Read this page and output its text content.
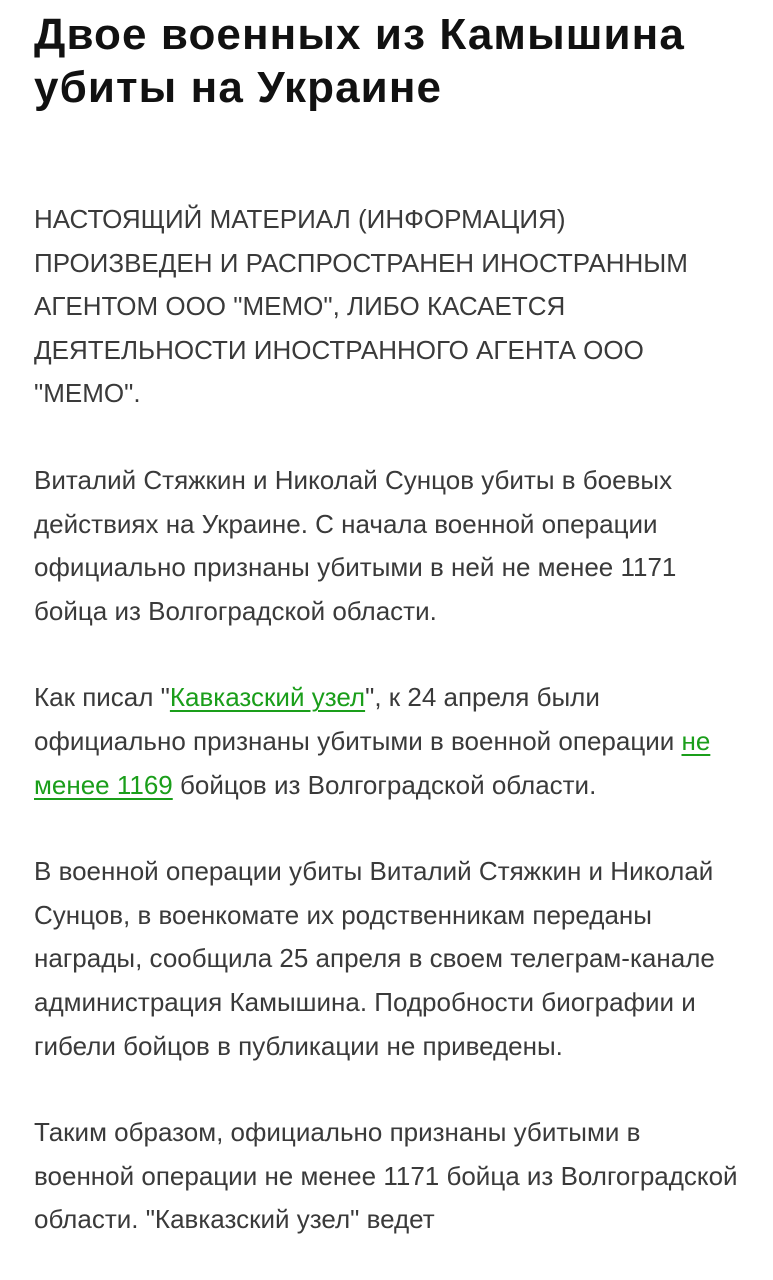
Двое военных из Камышина убиты на Украине

НАСТОЯЩИЙ МАТЕРИАЛ (ИНФОРМАЦИЯ) ПРОИЗВЕДЕН И РАСПРОСТРАНЕН ИНОСТРАННЫМ АГЕНТОМ ООО "МЕМО", ЛИБО КАСАЕТСЯ ДЕЯТЕЛЬНОСТИ ИНОСТРАННОГО АГЕНТА ООО "МЕМО".

Виталий Стяжкин и Николай Сунцов убиты в боевых действиях на Украине. С начала военной операции официально признаны убитыми в ней не менее 1171 бойца из Волгоградской области.

Как писал "Кавказский узел", к 24 апреля были официально признаны убитыми в военной операции не менее 1169 бойцов из Волгоградской области.

В военной операции убиты Виталий Стяжкин и Николай Сунцов, в военкомате их родственникам переданы награды, сообщила 25 апреля в своем телеграм-канале администрация Камышина. Подробности биографии и гибели бойцов в публикации не приведены.

Таким образом, официально признаны убитыми в военной операции не менее 1171 бойца из Волгоградской области. "Кавказский узел" ведет
